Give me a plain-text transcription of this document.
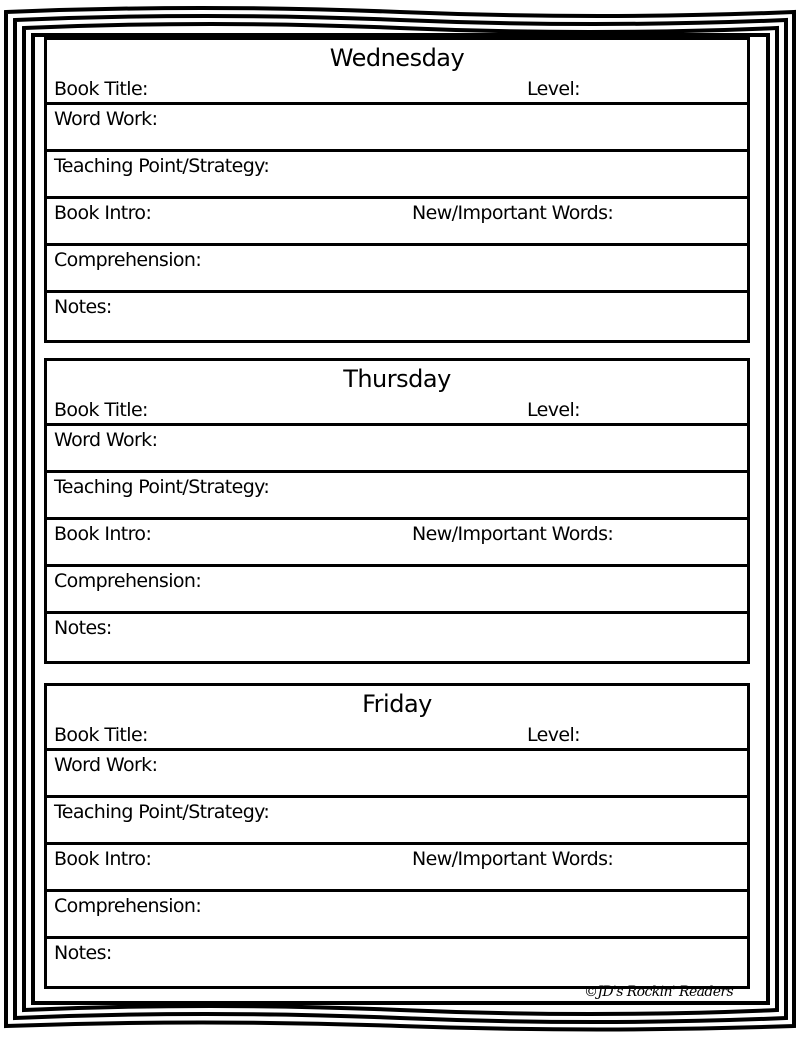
Wednesday
Book Title:	Level:
Word Work:
Teaching Point/Strategy:
Book Intro:	New/Important Words:
Comprehension:
Notes:
Thursday
Book Title:	Level:
Word Work:
Teaching Point/Strategy:
Book Intro:	New/Important Words:
Comprehension:
Notes:
Friday
Book Title:	Level:
Word Work:
Teaching Point/Strategy:
Book Intro:	New/Important Words:
Comprehension:
Notes:
©JD's Rockin' Readers
